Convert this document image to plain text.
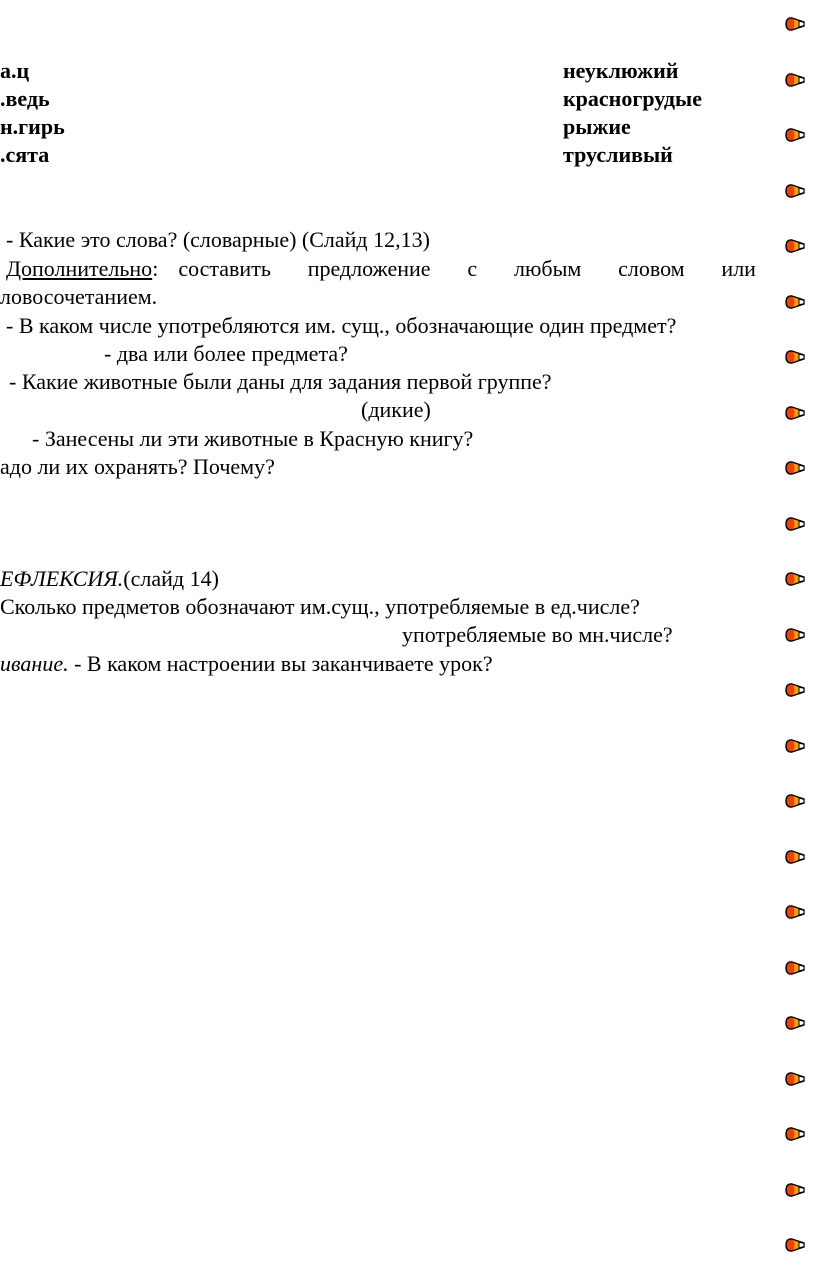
а.ц
.ведь
н.гирь
.сята
неуклюжий
красногрудые
рыжие
трусливый
- Какие это слова? (словарные) (Слайд 12,13)
Дополнительно: составить предложение с любым словом или
ловосочетанием.
- В каком числе употребляются им. сущ., обозначающие один предмет?
- два или более предмета?
- Какие животные были даны для задания первой группе?
(дикие)
- Занесены ли эти животные в Красную книгу?
адо ли их охранять? Почему?
ЕФЛЕКСИЯ.(слайд 14)
Сколько предметов обозначают им.сущ., употребляемые в ед.числе?
употребляемые во мн.числе?
ивание. - В каком настроении вы заканчиваете урок?
